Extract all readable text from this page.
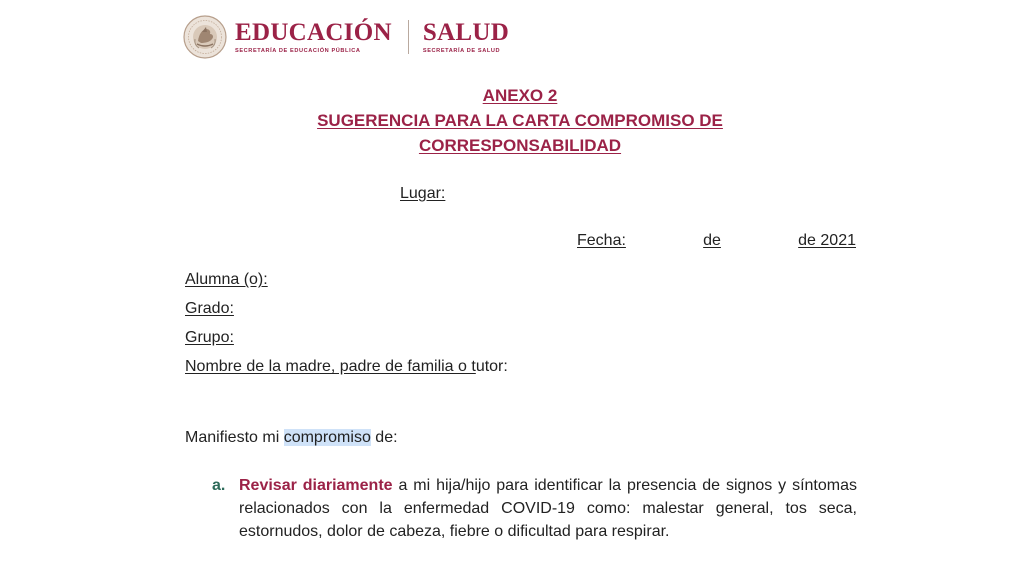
EDUCACIÓN
SECRETARÍA DE EDUCACIÓN PÚBLICA
SALUD
SECRETARÍA DE SALUD
ANEXO 2
SUGERENCIA PARA LA CARTA COMPROMISO DE
CORRESPONSABILIDAD
Lugar:
Fecha:	de	de 2021
Alumna (o):
Grado:
Grupo:
Nombre de la madre, padre de familia o tutor:
Manifiesto mi compromiso de:
a. Revisar diariamente a mi hija/hijo para identificar la presencia de signos y síntomas relacionados con la enfermedad COVID-19 como: malestar general, tos seca, estornudos, dolor de cabeza, fiebre o dificultad para respirar.
